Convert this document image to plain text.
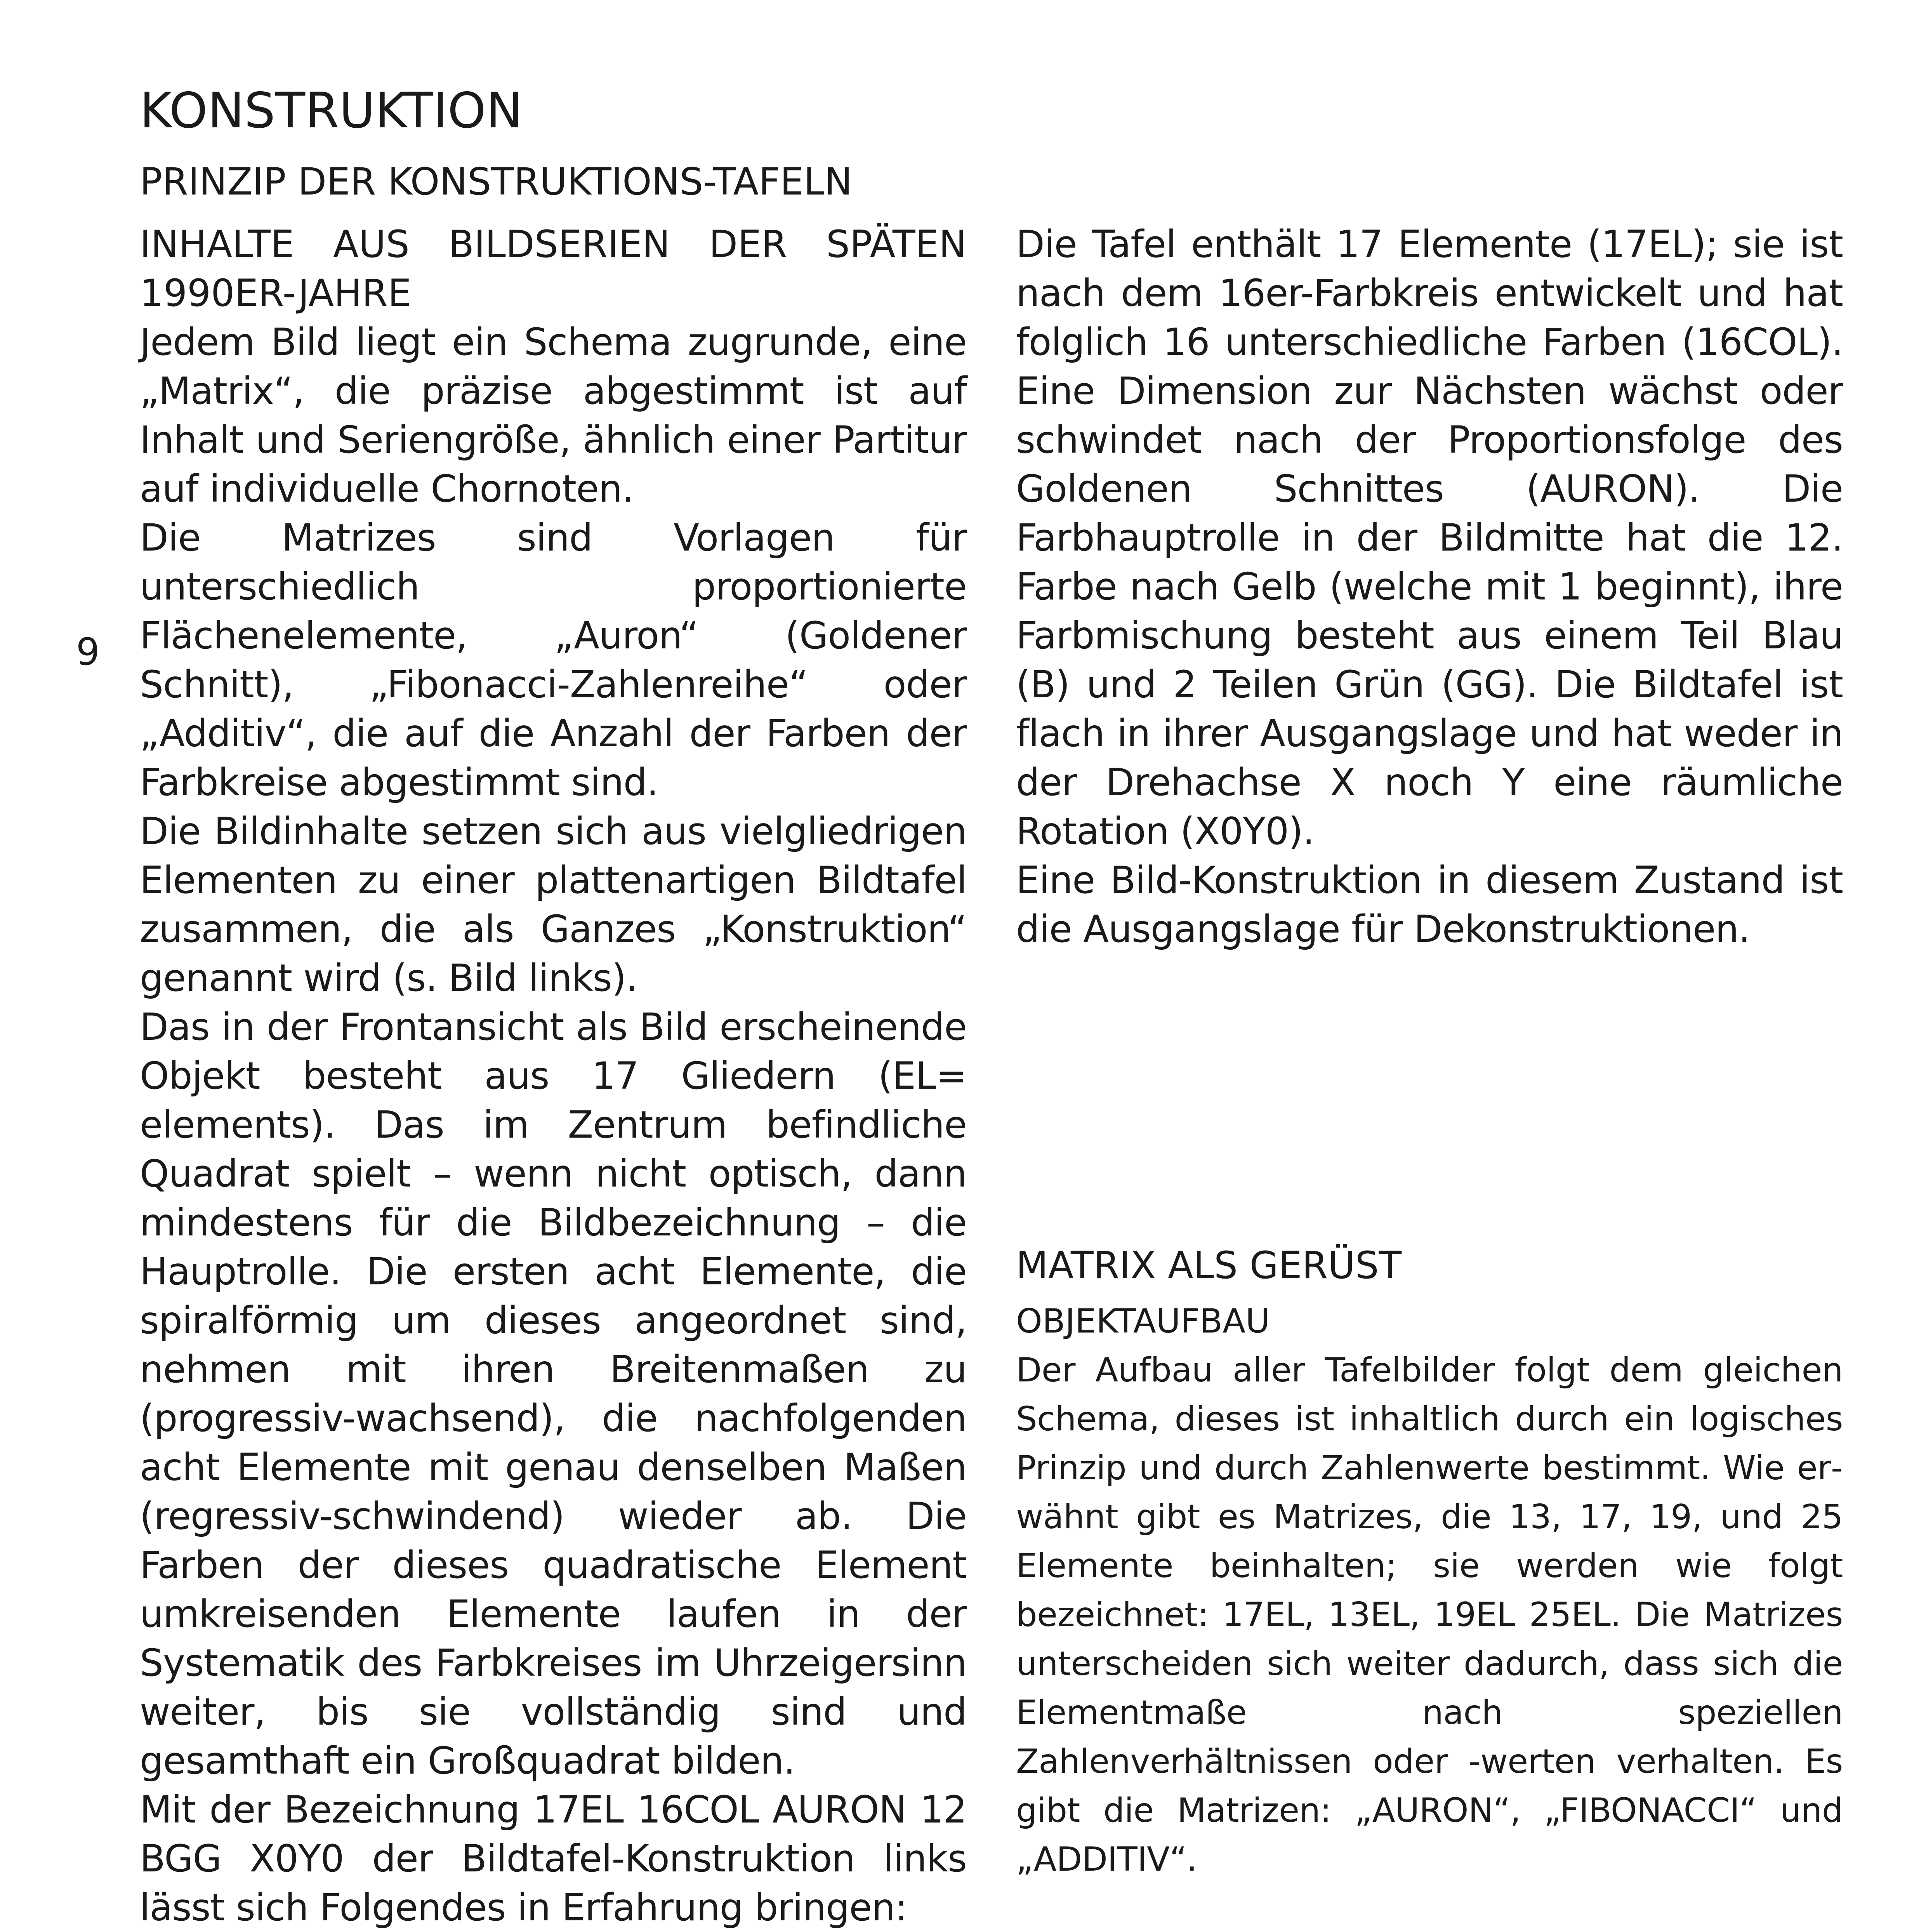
KONSTRUKTION
PRINZIP DER KONSTRUKTIONS-TAFELN
9
INHALTE AUS BILDSERIEN DER SPÄTEN 1990ER-JAHRE

Jedem Bild liegt ein Schema zugrunde, eine „Matrix“, die präzise abgestimmt ist auf Inhalt und Seriengröße, ähnlich einer Partitur auf individuelle Chornoten.

Die Matrizes sind Vorlagen für unterschiedlich proportionierte Flächenelemente, „Auron“ (Goldener Schnitt), „Fibonacci-Zahlenreihe“ oder „Additiv“, die auf die Anzahl der Farben der Farbkreise abgestimmt sind.

Die Bildinhalte setzen sich aus vielgliedrigen Elementen zu einer plattenartigen Bildtafel zusammen, die als Ganzes „Konstruktion“ genannt wird (s. Bild links).

Das in der Frontansicht als Bild erscheinende Objekt besteht aus 17 Gliedern (EL= elements). Das im Zentrum befindliche Quadrat spielt – wenn nicht optisch, dann mindestens für die Bildbezeichnung – die Hauptrolle. Die ersten acht Elemente, die spiralförmig um dieses angeordnet sind, nehmen mit ihren Breitenmaßen zu (progressiv-wachsend), die nachfolgenden acht Elemente mit genau denselben Maßen (regressiv-schwindend) wieder ab. Die Farben der dieses quadratische Element umkreisenden Elemente laufen in der Systematik des Farbkreises im Uhrzeigersinn weiter, bis sie vollständig sind und gesamthaft ein Großquadrat bilden.

Mit der Bezeichnung 17EL 16COL AURON 12 BGG X0Y0 der Bildtafel-Konstruktion links lässt sich Folgendes in Erfahrung bringen:

Die Tafel enthält 17 Elemente (17EL); sie ist nach dem 16er-Farbkreis entwickelt und hat folglich 16 unterschiedliche Farben (16COL). Eine Dimension zur Nächsten wächst oder schwindet nach der Proportionsfolge des Goldenen Schnittes (AURON). Die Farbhauptrolle in der Bildmitte hat die 12. Farbe nach Gelb (welche mit 1 beginnt), ihre Farbmischung besteht aus einem Teil Blau (B) und 2 Teilen Grün (GG). Die Bildtafel ist flach in ihrer Ausgangslage und hat weder in der Drehachse X noch Y eine räumliche Rotation (X0Y0).

Eine Bild-Konstruktion in diesem Zustand ist die Ausgangslage für Dekonstruktionen.

MATRIX ALS GERÜST
OBJEKTAUFBAU

Der Aufbau aller Tafelbilder folgt dem gleichen Schema, dieses ist inhaltlich durch ein logisches Prinzip und durch Zahlenwerte bestimmt. Wie erwähnt gibt es Matrizes, die 13, 17, 19, und 25 Elemente beinhalten; sie werden wie folgt bezeichnet: 17EL, 13EL, 19EL 25EL. Die Matrizes unterscheiden sich weiter dadurch, dass sich die Elementmaße nach speziellen Zahlenverhältnissen oder -werten verhalten. Es gibt die Matrizen: „AURON“, „FIBONACCI“ und „ADDITIV“.
